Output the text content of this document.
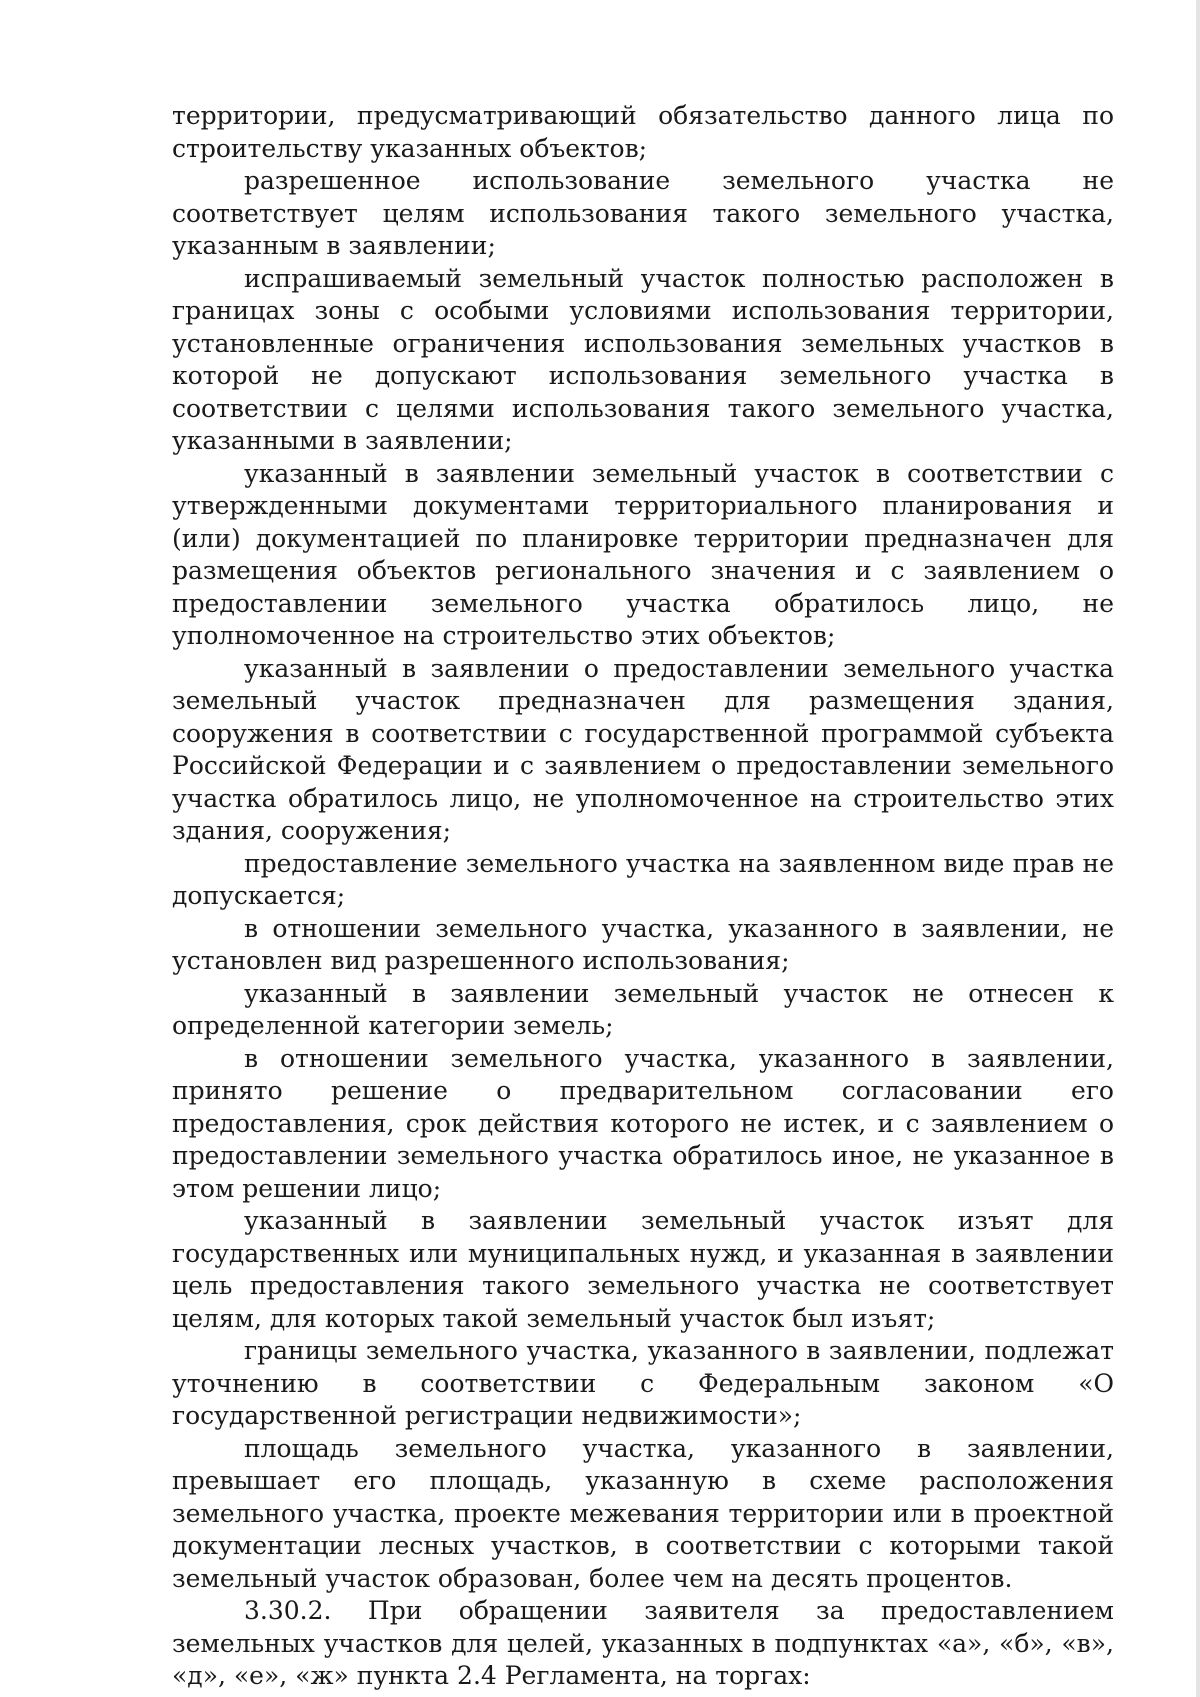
территории, предусматривающий обязательство данного лица по строительству указанных объектов;

разрешенное использование земельного участка не соответствует целям использования такого земельного участка, указанным в заявлении;

испрашиваемый земельный участок полностью расположен в границах зоны с особыми условиями использования территории, установленные ограничения использования земельных участков в которой не допускают использования земельного участка в соответствии с целями использования такого земельного участка, указанными в заявлении;

указанный в заявлении земельный участок в соответствии с утвержденными документами территориального планирования и (или) документацией по планировке территории предназначен для размещения объектов регионального значения и с заявлением о предоставлении земельного участка обратилось лицо, не уполномоченное на строительство этих объектов;

указанный в заявлении о предоставлении земельного участка земельный участок предназначен для размещения здания, сооружения в соответствии с государственной программой субъекта Российской Федерации и с заявлением о предоставлении земельного участка обратилось лицо, не уполномоченное на строительство этих здания, сооружения;

предоставление земельного участка на заявленном виде прав не допускается;

в отношении земельного участка, указанного в заявлении, не установлен вид разрешенного использования;

указанный в заявлении земельный участок не отнесен к определенной категории земель;

в отношении земельного участка, указанного в заявлении, принято решение о предварительном согласовании его предоставления, срок действия которого не истек, и с заявлением о предоставлении земельного участка обратилось иное, не указанное в этом решении лицо;

указанный в заявлении земельный участок изъят для государственных или муниципальных нужд, и указанная в заявлении цель предоставления такого земельного участка не соответствует целям, для которых такой земельный участок был изъят;

границы земельного участка, указанного в заявлении, подлежат уточнению в соответствии с Федеральным законом «О государственной регистрации недвижимости»;

площадь земельного участка, указанного в заявлении, превышает его площадь, указанную в схеме расположения земельного участка, проекте межевания территории или в проектной документации лесных участков, в соответствии с которыми такой земельный участок образован, более чем на десять процентов.

3.30.2. При обращении заявителя за предоставлением земельных участков для целей, указанных в подпунктах «а», «б», «в», «д», «е», «ж» пункта 2.4 Регламента, на торгах:
